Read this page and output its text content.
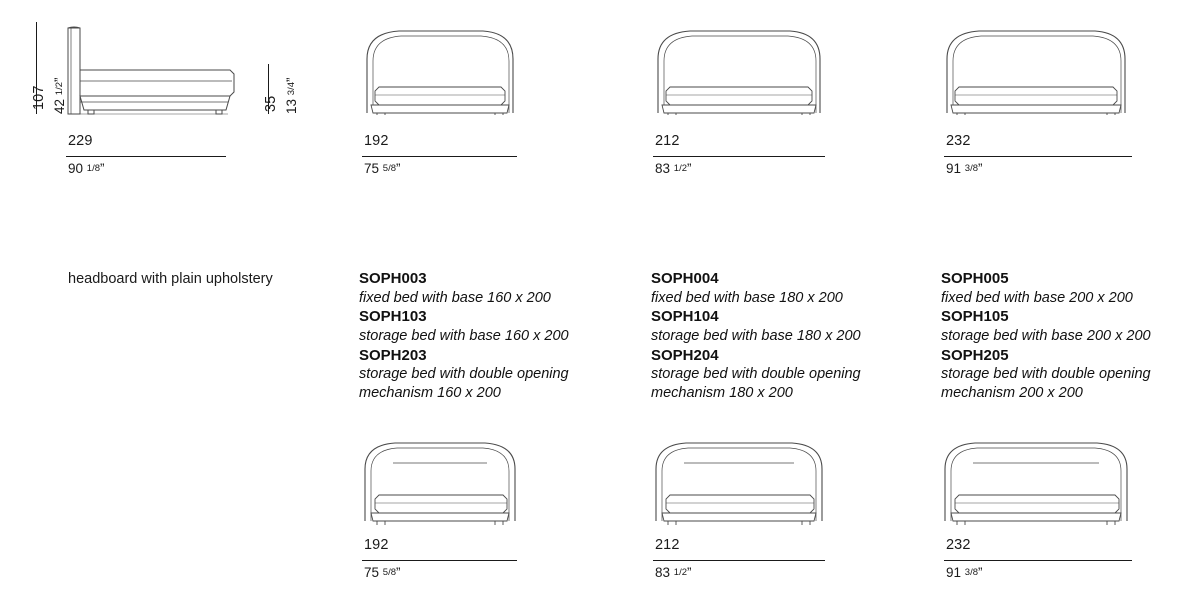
107 42 1/2”
35 13 3/4”
229
90 1/8”
192
75 5/8”
212
83 1/2”
232
91 3/8”
headboard with plain upholstery	SOPH003

fixed bed with base 160 x 200

SOPH103

storage bed with base 160 x 200

SOPH203

storage bed with double opening mechanism 160 x 200

SOPH004

fixed bed with base 180 x 200

SOPH104

storage bed with base 180 x 200

SOPH204

storage bed with double opening mechanism 180 x 200

SOPH005

fixed bed with base 200 x 200

SOPH105

storage bed with base 200 x 200

SOPH205

storage bed with double opening mechanism 200 x 200

192
75 5/8”
212
83 1/2”
232
91 3/8”
